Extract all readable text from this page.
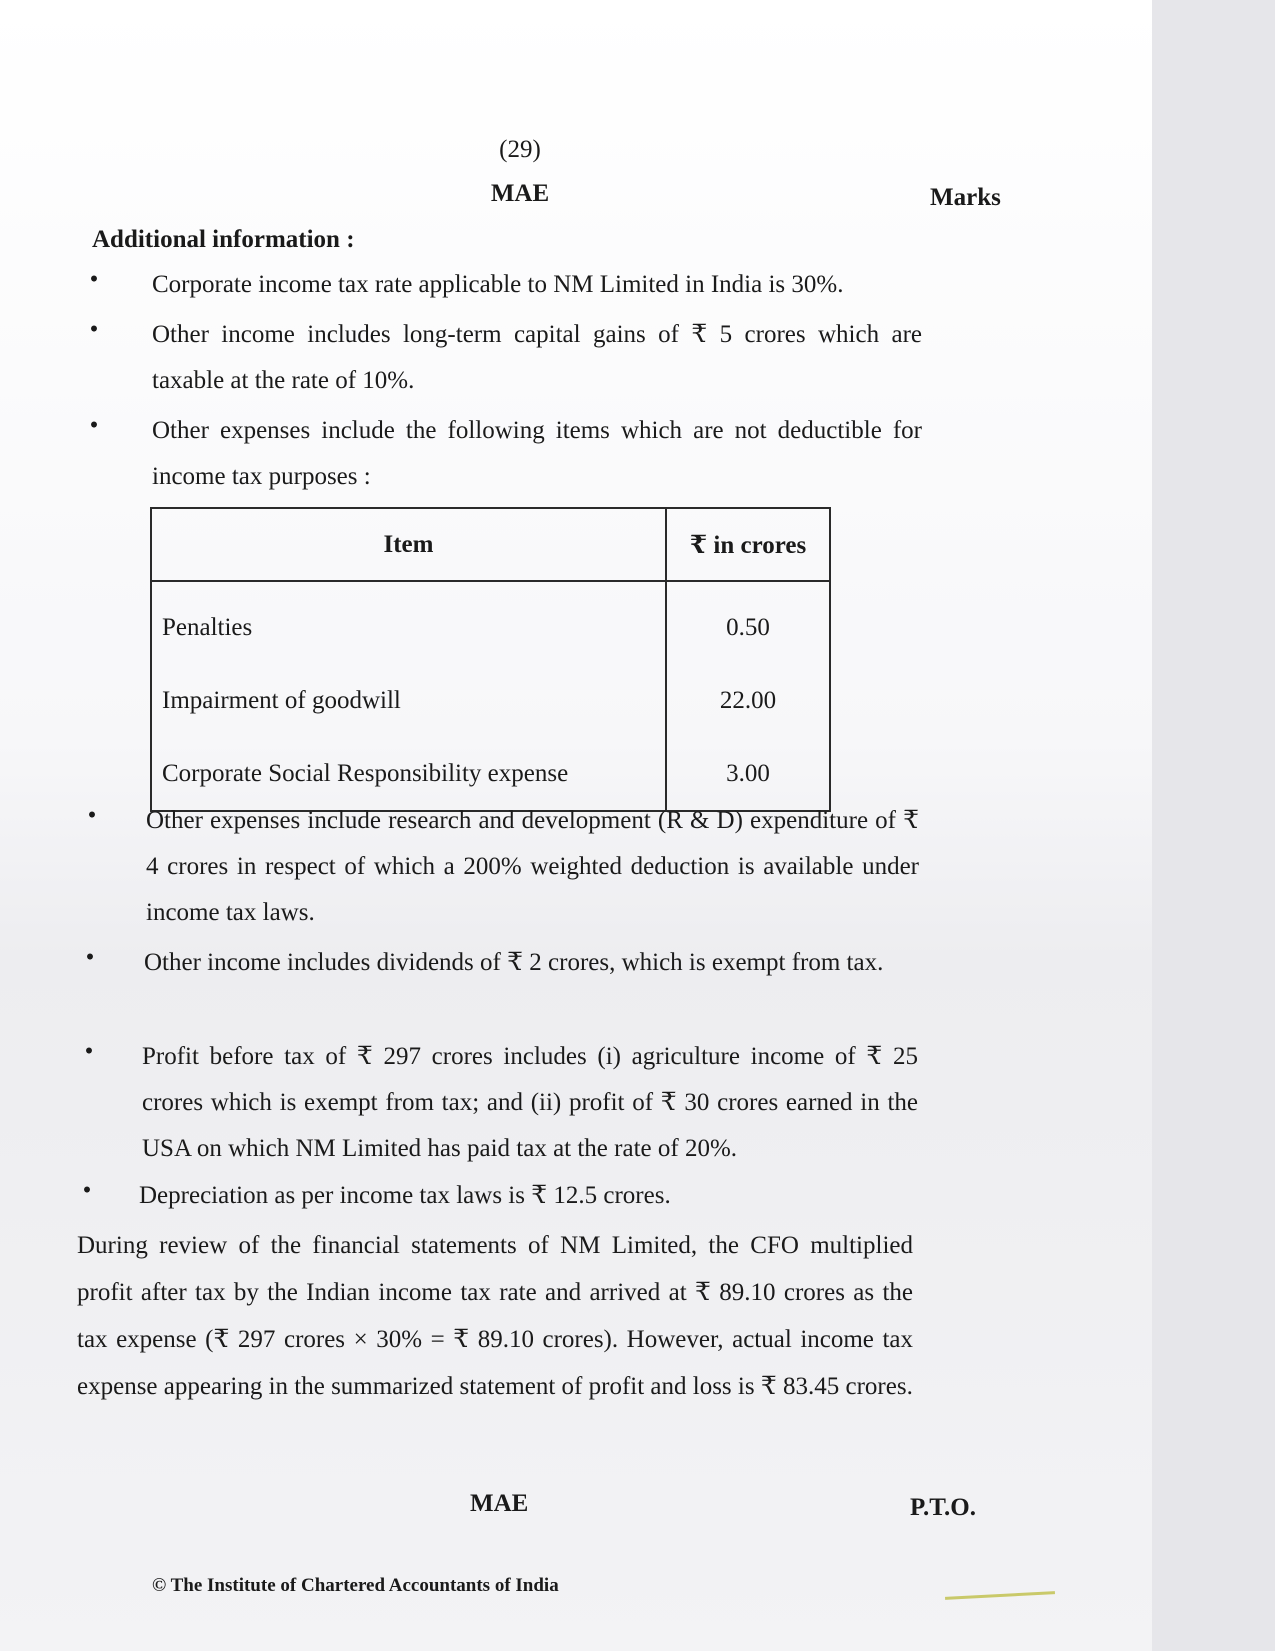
(29)
MAE	Marks
Additional information :
• Corporate income tax rate applicable to NM Limited in India is 30%.
• Other income includes long-term capital gains of ₹ 5 crores which are taxable at the rate of 10%.
• Other expenses include the following items which are not deductible for income tax purposes :
Item	₹ in crores
Penalties	0.50
Impairment of goodwill	22.00
Corporate Social Responsibility expense	3.00
• Other expenses include research and development (R & D) expenditure of ₹ 4 crores in respect of which a 200% weighted deduction is available under income tax laws.
• Other income includes dividends of ₹ 2 crores, which is exempt from tax.
• Profit before tax of ₹ 297 crores includes (i) agriculture income of ₹ 25 crores which is exempt from tax; and (ii) profit of ₹ 30 crores earned in the USA on which NM Limited has paid tax at the rate of 20%.
• Depreciation as per income tax laws is ₹ 12.5 crores.
During review of the financial statements of NM Limited, the CFO multiplied profit after tax by the Indian income tax rate and arrived at ₹ 89.10 crores as the tax expense (₹ 297 crores × 30% = ₹ 89.10 crores). However, actual income tax expense appearing in the summarized statement of profit and loss is ₹ 83.45 crores.
MAE	P.T.O.
© The Institute of Chartered Accountants of India
